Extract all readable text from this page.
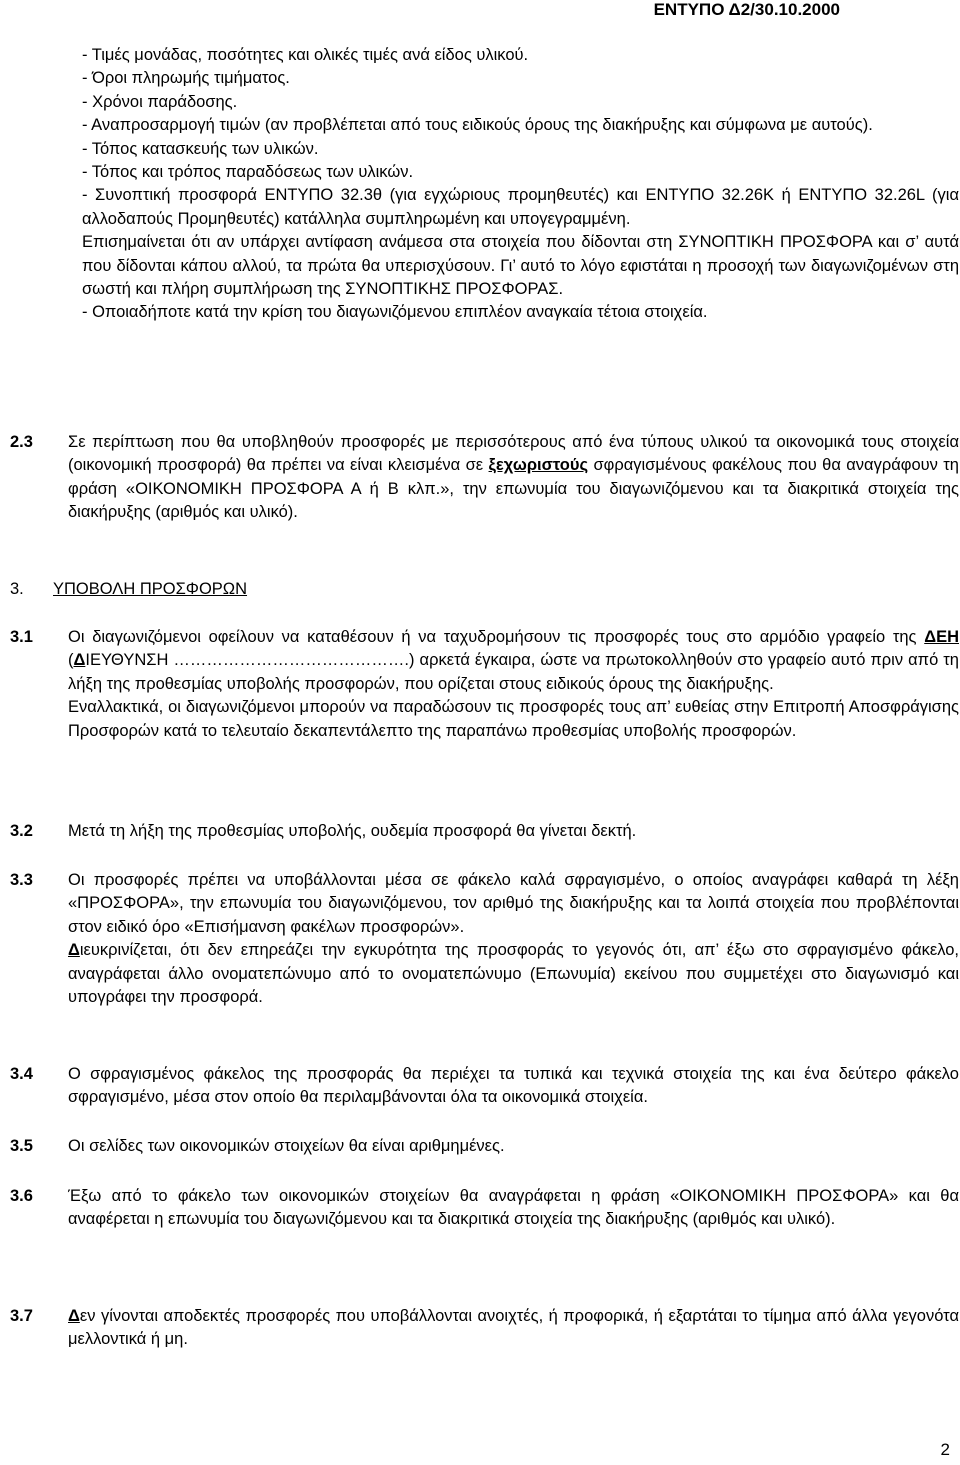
ΕΝΤΥΠΟ Δ2/30.10.2000

- Τιμές μονάδας, ποσότητες και ολικές τιμές ανά είδος υλικού.

- Όροι πληρωμής τιμήματος.

- Χρόνοι παράδοσης.

- Αναπροσαρμογή τιμών (αν προβλέπεται από τους ειδικούς όρους της διακήρυξης και σύμφωνα με αυτούς).

- Τόπος κατασκευής των υλικών.

- Τόπος και τρόπος παραδόσεως των υλικών.

- Συνοπτική προσφορά ΕΝΤΥΠΟ 32.3θ (για εγχώριους προμηθευτές) και ΕΝΤΥΠΟ 32.26Κ ή ΕΝΤΥΠΟ 32.26L (για αλλοδαπούς Προμηθευτές) κατάλληλα συμπληρωμένη και υπογεγραμμένη.

Επισημαίνεται ότι αν υπάρχει αντίφαση ανάμεσα στα στοιχεία που δίδονται στη ΣΥΝΟΠΤΙΚΗ ΠΡΟΣΦΟΡΑ και σ’ αυτά που δίδονται κάπου αλλού, τα πρώτα θα υπερισχύσουν. Γι’ αυτό το λόγο εφιστάται η προσοχή των διαγωνιζομένων στη σωστή και πλήρη συμπλήρωση της ΣΥΝΟΠΤΙΚΗΣ ΠΡΟΣΦΟΡΑΣ.

- Οποιαδήποτε κατά την κρίση του διαγωνιζόμενου επιπλέον αναγκαία τέτοια στοιχεία.

2.3 Σε περίπτωση που θα υποβληθούν προσφορές με περισσότερους από ένα τύπους υλικού τα οικονομικά τους στοιχεία (οικονομική προσφορά) θα πρέπει να είναι κλεισμένα σε ξεχωριστούς σφραγισμένους φακέλους που θα αναγράφουν τη φράση «ΟΙΚΟΝΟΜΙΚΗ ΠΡΟΣΦΟΡΑ Α ή Β κλπ.», την επωνυμία του διαγωνιζόμενου και τα διακριτικά στοιχεία της διακήρυξης (αριθμός και υλικό).
3. ΥΠΟΒΟΛΗ ΠΡΟΣΦΟΡΩΝ
3.1 Οι διαγωνιζόμενοι οφείλουν να καταθέσουν ή να ταχυδρομήσουν τις προσφορές τους στο αρμόδιο γραφείο της ΔΕΗ (ΔΙΕΥΘΥΝΣΗ …………………………………….) αρκετά έγκαιρα, ώστε να πρωτοκολληθούν στο γραφείο αυτό πριν από τη λήξη της προθεσμίας υποβολής προσφορών, που ορίζεται στους ειδικούς όρους της διακήρυξης.

Εναλλακτικά, οι διαγωνιζόμενοι μπορούν να παραδώσουν τις προσφορές τους απ’ ευθείας στην Επιτροπή Αποσφράγισης Προσφορών κατά το τελευταίο δεκαπεντάλεπτο της παραπάνω προθεσμίας υποβολής προσφορών.

3.2 Μετά τη λήξη της προθεσμίας υποβολής, ουδεμία προσφορά θα γίνεται δεκτή.
3.3 Οι προσφορές πρέπει να υποβάλλονται μέσα σε φάκελο καλά σφραγισμένο, ο οποίος αναγράφει καθαρά τη λέξη «ΠΡΟΣΦΟΡΑ», την επωνυμία του διαγωνιζόμενου, τον αριθμό της διακήρυξης και τα λοιπά στοιχεία που προβλέπονται στον ειδικό όρο «Επισήμανση φακέλων προσφορών».

Διευκρινίζεται, ότι δεν επηρεάζει την εγκυρότητα της προσφοράς το γεγονός ότι, απ’ έξω στο σφραγισμένο φάκελο, αναγράφεται άλλο ονοματεπώνυμο από το ονοματεπώνυμο (Επωνυμία) εκείνου που συμμετέχει στο διαγωνισμό και υπογράφει την προσφορά.

3.4 Ο σφραγισμένος φάκελος της προσφοράς θα περιέχει τα τυπικά και τεχνικά στοιχεία της και ένα δεύτερο φάκελο σφραγισμένο, μέσα στον οποίο θα περιλαμβάνονται όλα τα οικονομικά στοιχεία.
3.5 Οι σελίδες των οικονομικών στοιχείων θα είναι αριθμημένες.
3.6 Έξω από το φάκελο των οικονομικών στοιχείων θα αναγράφεται η φράση «ΟΙΚΟΝΟΜΙΚΗ ΠΡΟΣΦΟΡΑ» και θα αναφέρεται η επωνυμία του διαγωνιζόμενου και τα διακριτικά στοιχεία της διακήρυξης (αριθμός και υλικό).
3.7 Δεν γίνονται αποδεκτές προσφορές που υποβάλλονται ανοιχτές, ή προφορικά, ή εξαρτάται το τίμημα από άλλα γεγονότα μελλοντικά ή μη.
2
